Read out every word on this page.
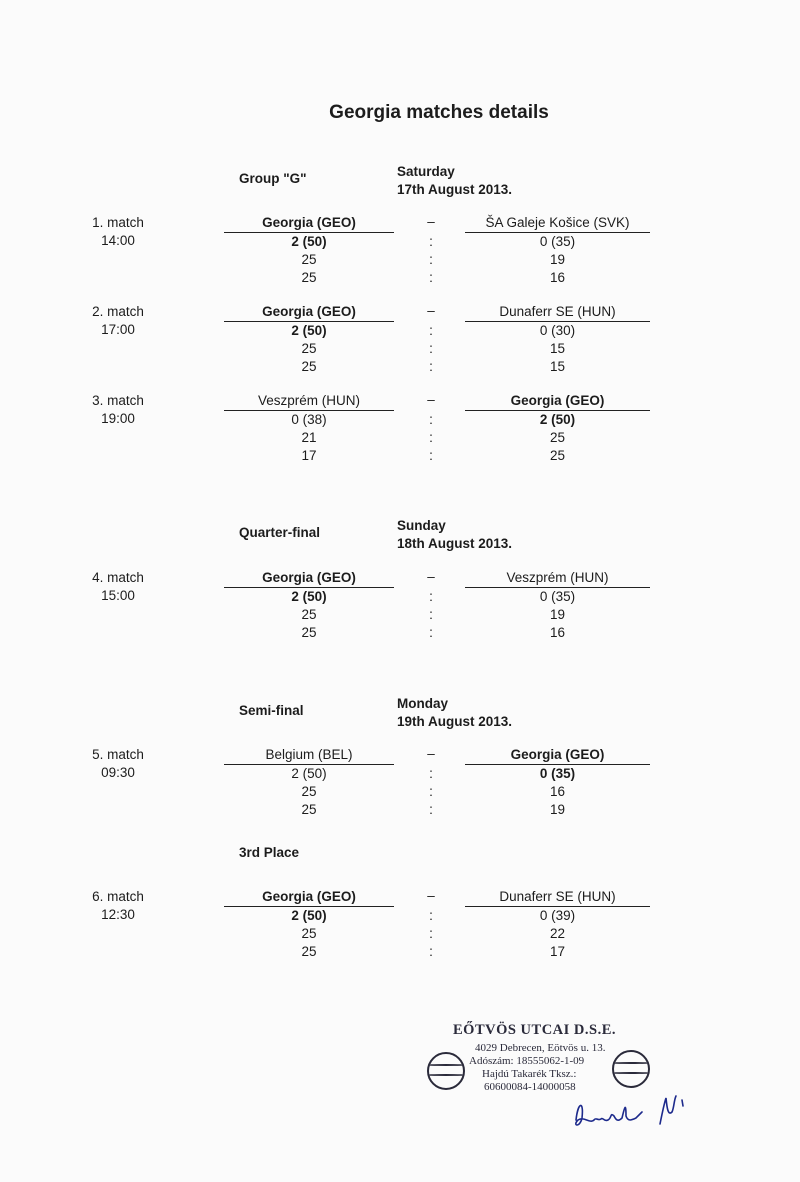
Georgia matches details
Group "G"	Saturday
17th August 2013.
Quarter-final	Sunday
18th August 2013.
Semi-final	Monday
19th August 2013.
3rd Place
1. match
14:00
Georgia (GEO)	ŠA Galeje Košice (SVK)
–
2 (50)	0 (35)
:
25	19
:
25	16
:
2. match
17:00
Georgia (GEO)	Dunaferr SE (HUN)
–
2 (50)	0 (30)
:
25	15
:
25	15
:
3. match
19:00
Veszprém (HUN)	Georgia (GEO)
–
0 (38)	2 (50)
:
21	25
:
17	25
:
4. match
15:00
Georgia (GEO)	Veszprém (HUN)
–
2 (50)	0 (35)
:
25	19
:
25	16
:
5. match
09:30
Belgium (BEL)	Georgia (GEO)
–
2 (50)	0 (35)
:
25	16
:
25	19
:
6. match
12:30
Georgia (GEO)	Dunaferr SE (HUN)
–
2 (50)	0 (39)
:
25	22
:
25	17
:
EŐTVÖS UTCAI D.S.E.
4029 Debrecen, Eötvös u. 13.
Adószám: 18555062-1-09
Hajdú Takarék Tksz.:
60600084-14000058
